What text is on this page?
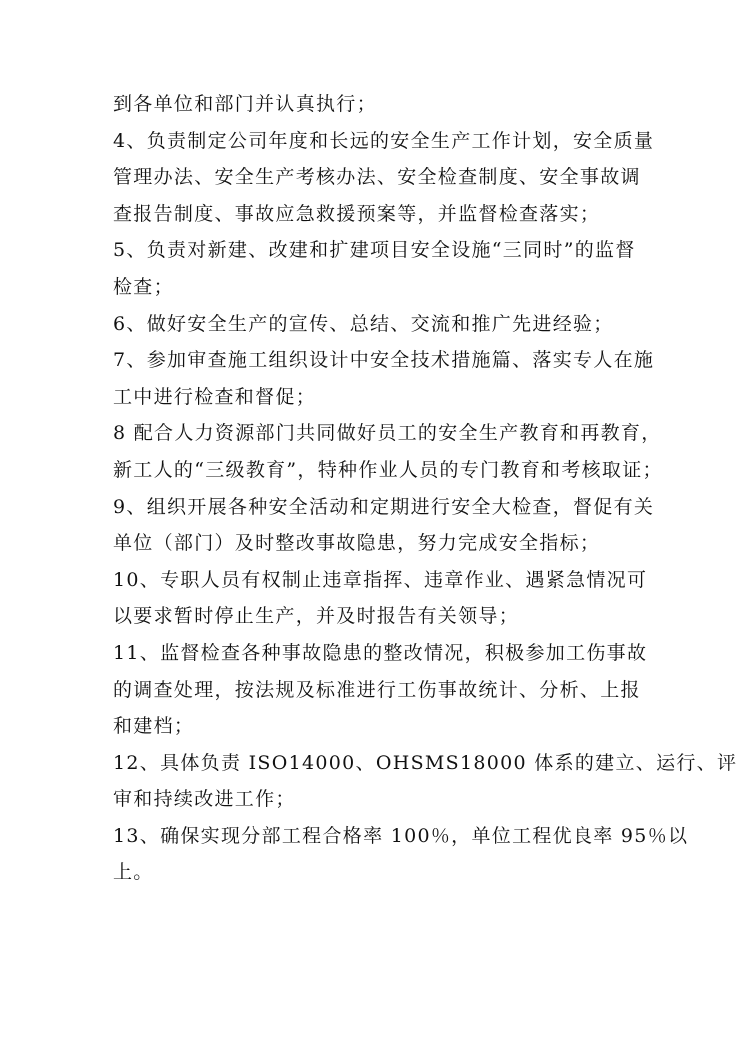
到各单位和部门并认真执行；
4、负责制定公司年度和长远的安全生产工作计划，安全质量
管理办法、安全生产考核办法、安全检查制度、安全事故调
查报告制度、事故应急救援预案等，并监督检查落实；
5、负责对新建、改建和扩建项目安全设施“三同时”的监督
检查；
6、做好安全生产的宣传、总结、交流和推广先进经验；
7、参加审查施工组织设计中安全技术措施篇、落实专人在施
工中进行检查和督促；
8 配合人力资源部门共同做好员工的安全生产教育和再教育，
新工人的“三级教育”，特种作业人员的专门教育和考核取证；
9、组织开展各种安全活动和定期进行安全大检查，督促有关
单位（部门）及时整改事故隐患，努力完成安全指标；
10、专职人员有权制止违章指挥、违章作业、遇紧急情况可
以要求暂时停止生产，并及时报告有关领导；
11、监督检查各种事故隐患的整改情况，积极参加工伤事故
的调查处理，按法规及标准进行工伤事故统计、分析、上报
和建档；
12、具体负责 ISO14000、OHSMS18000 体系的建立、运行、评
审和持续改进工作；
13、确保实现分部工程合格率 100％，单位工程优良率 95％以
上。
